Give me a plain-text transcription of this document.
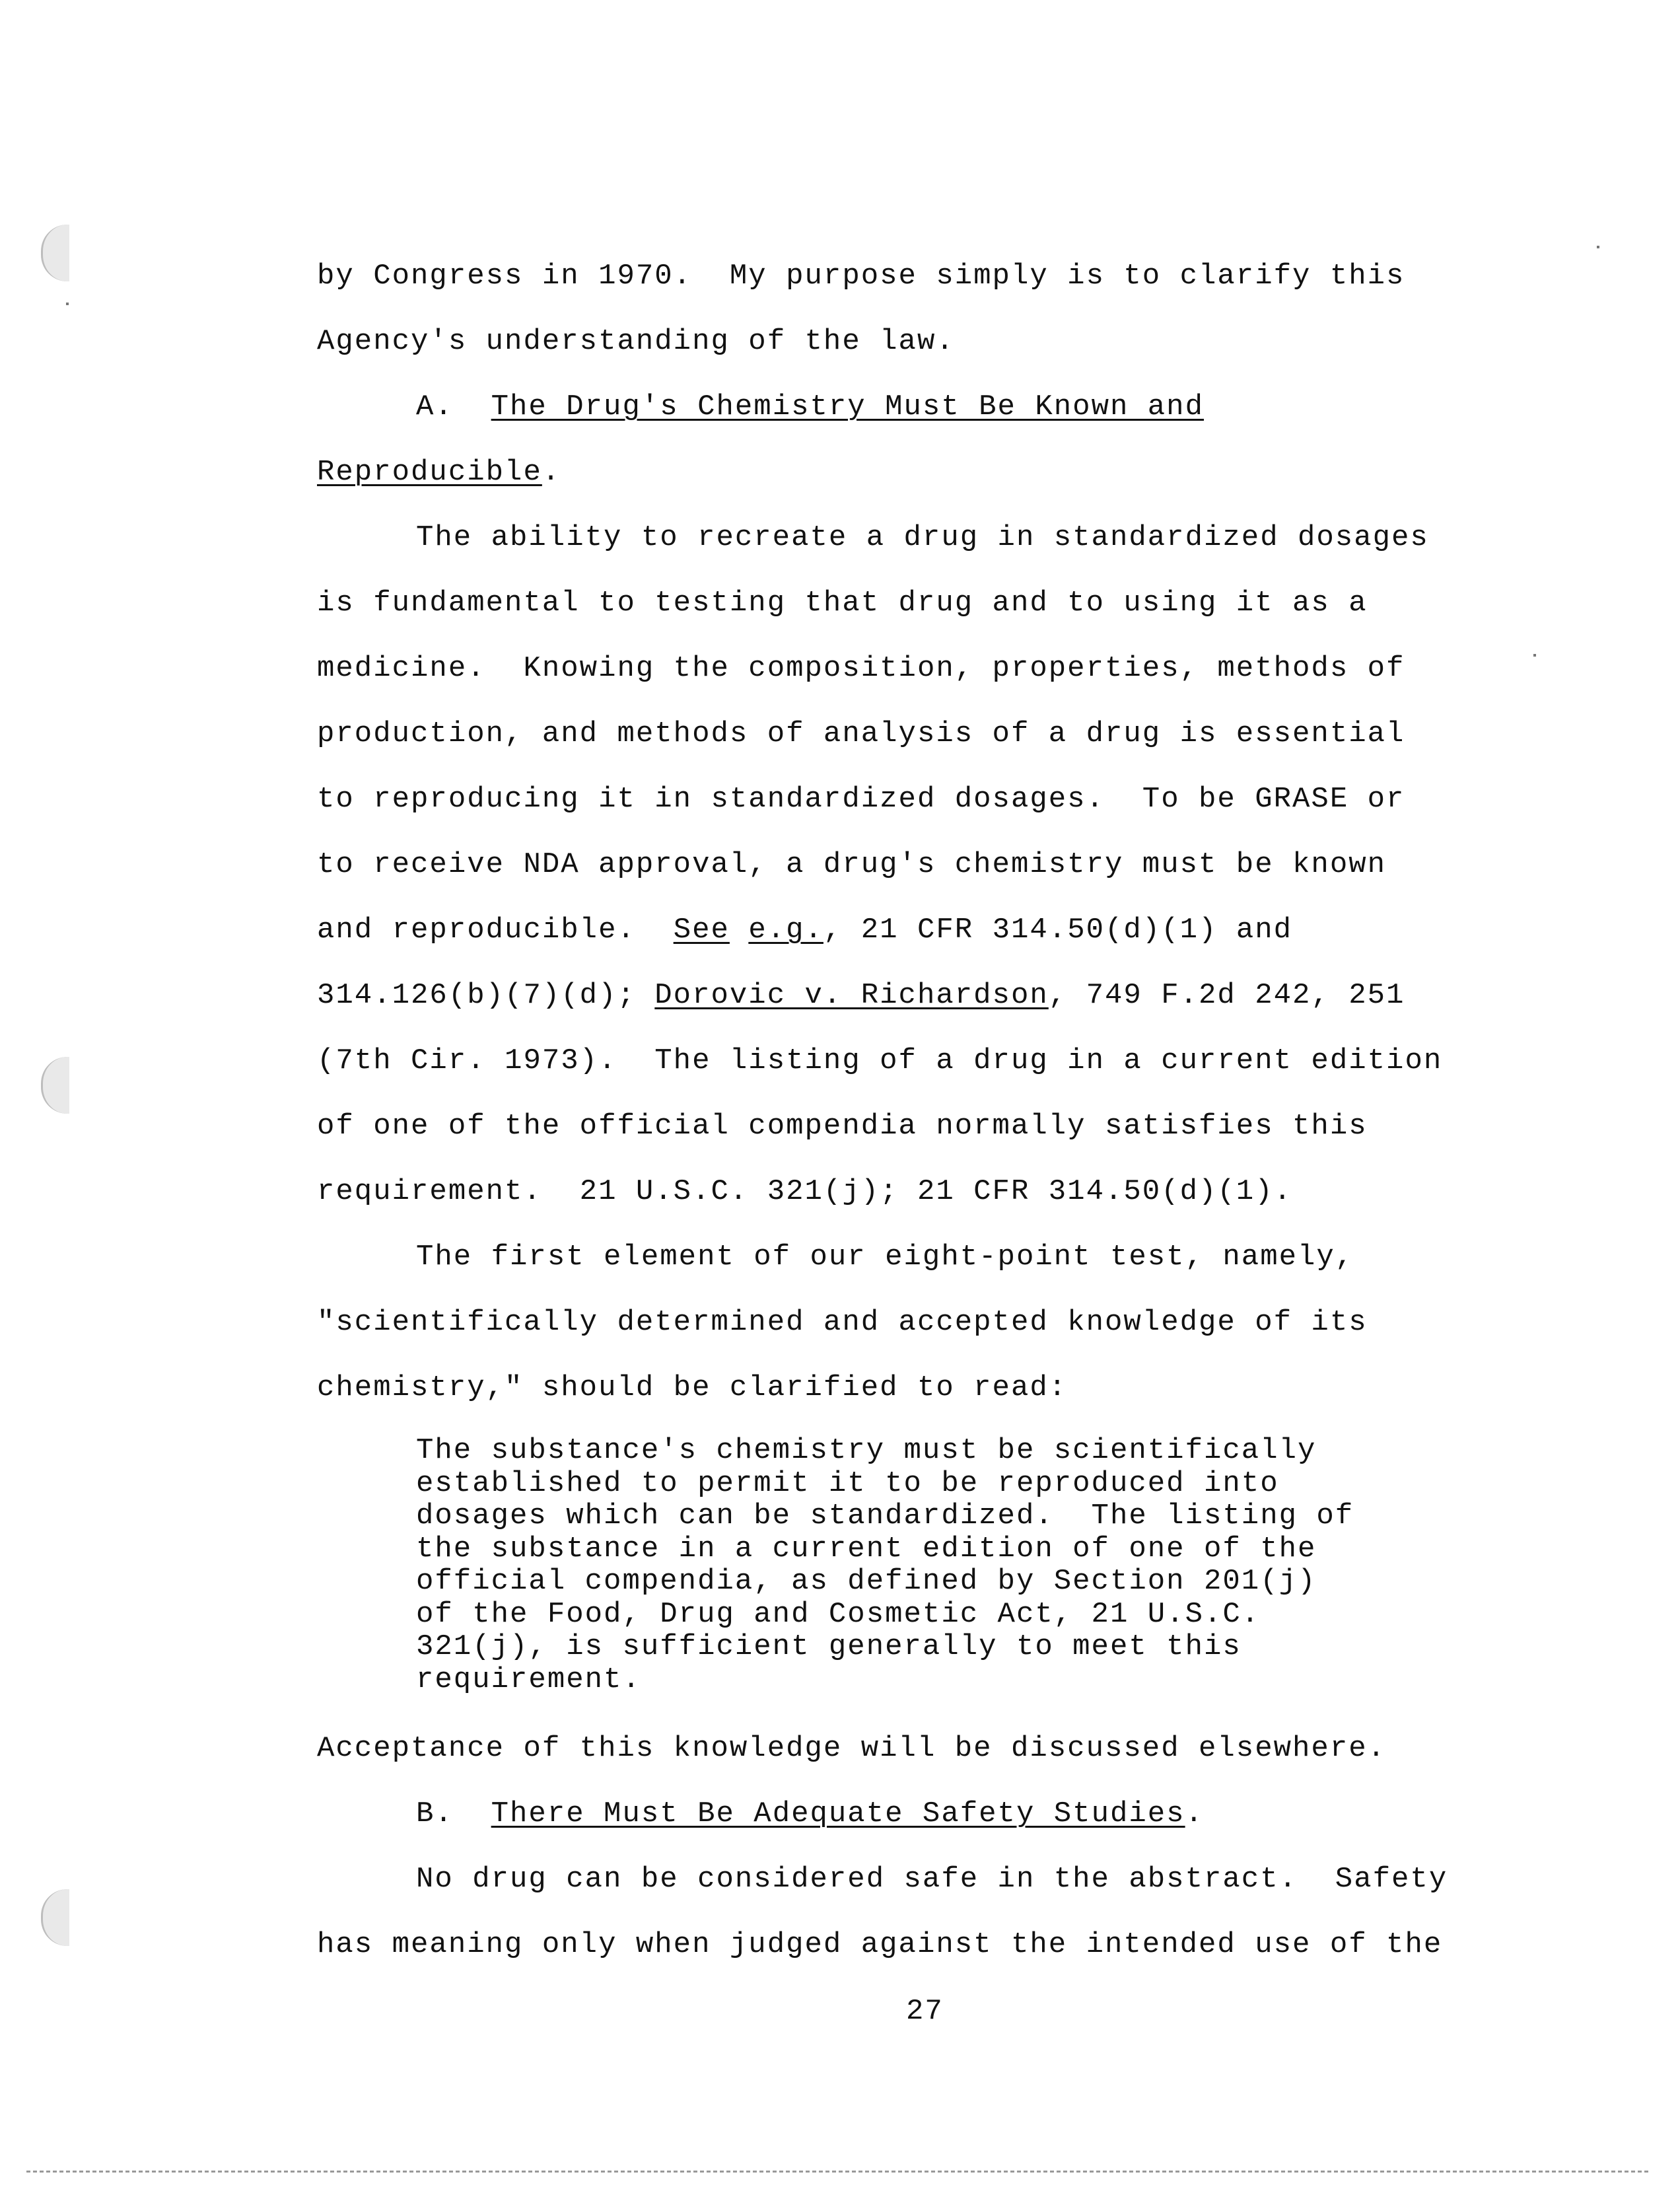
by Congress in 1970.  My purpose simply is to clarify this
Agency's understanding of the law.
A.  The Drug's Chemistry Must Be Known and
Reproducible.
The ability to recreate a drug in standardized dosages
is fundamental to testing that drug and to using it as a
medicine.  Knowing the composition, properties, methods of
production, and methods of analysis of a drug is essential
to reproducing it in standardized dosages.  To be GRASE or
to receive NDA approval, a drug's chemistry must be known
and reproducible.  See e.g., 21 CFR 314.50(d)(1) and
314.126(b)(7)(d); Dorovic v. Richardson, 749 F.2d 242, 251
(7th Cir. 1973).  The listing of a drug in a current edition
of one of the official compendia normally satisfies this
requirement.  21 U.S.C. 321(j); 21 CFR 314.50(d)(1).
The first element of our eight-point test, namely,
"scientifically determined and accepted knowledge of its
chemistry," should be clarified to read:
The substance's chemistry must be scientifically
established to permit it to be reproduced into
dosages which can be standardized.  The listing of
the substance in a current edition of one of the
official compendia, as defined by Section 201(j)
of the Food, Drug and Cosmetic Act, 21 U.S.C.
321(j), is sufficient generally to meet this
requirement.
Acceptance of this knowledge will be discussed elsewhere.
B.  There Must Be Adequate Safety Studies.
No drug can be considered safe in the abstract.  Safety
has meaning only when judged against the intended use of the
27
